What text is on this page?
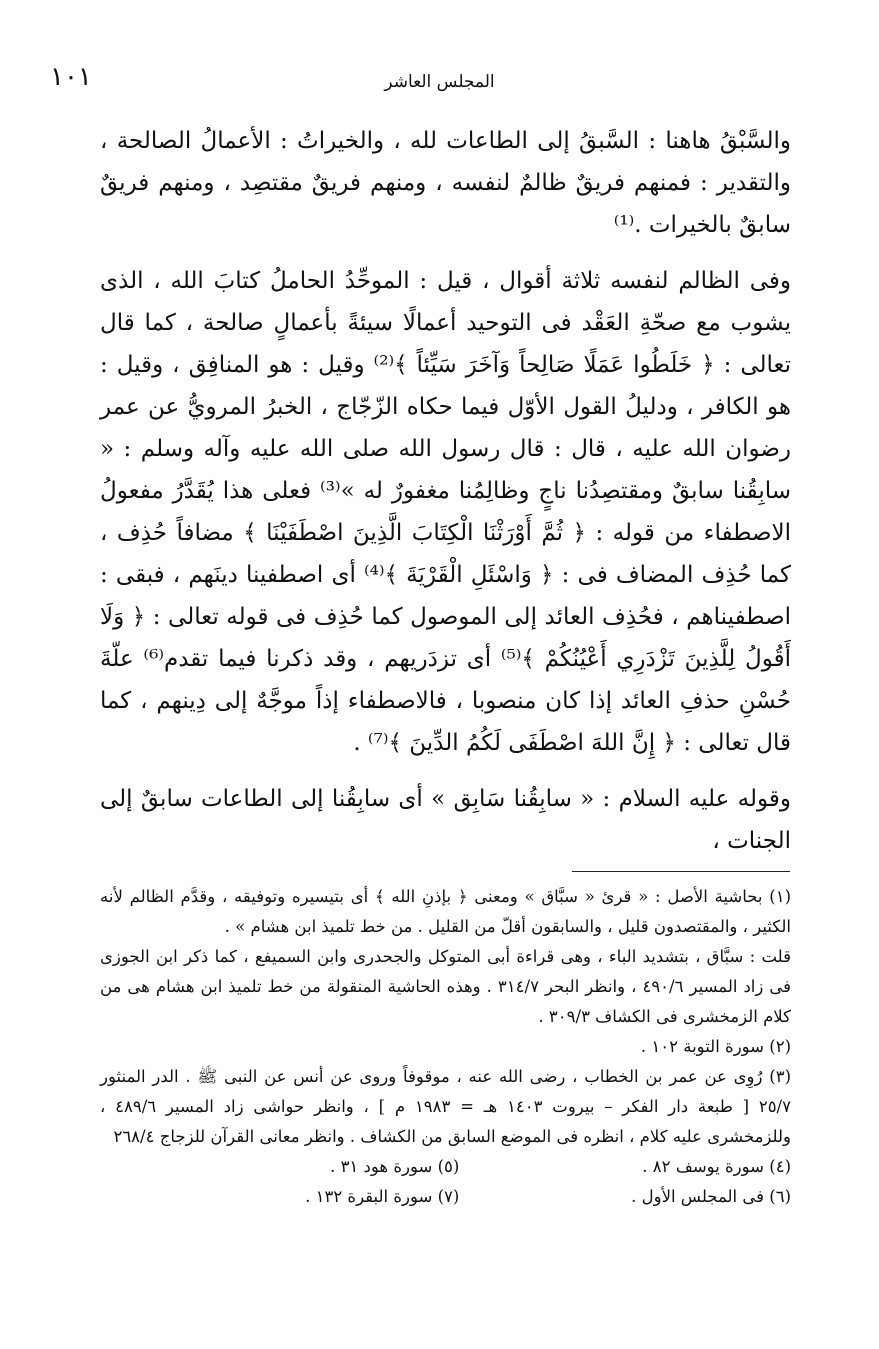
١٠١	المجلس العاشر

والسَّبْقُ هاهنا : السَّبقُ إلى الطاعات لله ، والخيراتُ : الأعمالُ الصالحة ، والتقدير : فمنهم فريقٌ ظالمٌ لنفسه ، ومنهم فريقٌ مقتصِد ، ومنهم فريقٌ سابقٌ بالخيرات .⁽¹⁾

وفى الظالم لنفسه ثلاثة أقوال ، قيل : الموحِّدُ الحاملُ كتابَ الله ، الذى يشوب مع صحّةِ العَقْد فى التوحيد أعمالًا سيئةً بأعمالٍ صالحة ، كما قال تعالى : ﴿ خَلَطُوا عَمَلًا صَالِحاً وَآخَرَ سَيِّئاً ﴾⁽²⁾ وقيل : هو المنافِق ، وقيل : هو الكافر ، ودليلُ القول الأوّل فيما حكاه الزّجّاج ، الخبرُ المرويُّ عن عمر رضوان الله عليه ، قال : قال رسول الله صلى الله عليه وآله وسلم : « سابِقُنا سابقٌ ومقتصِدُنا ناجٍ وظالِمُنا مغفورٌ له »⁽³⁾ فعلى هذا يُقَدَّرُ مفعولُ الاصطفاء من قوله : ﴿ ثُمَّ أَوْرَثْنَا الْكِتَابَ الَّذِينَ اصْطَفَيْنَا ﴾ مضافاً حُذِف ، كما حُذِف المضاف فى : ﴿ وَاسْئَلِ الْقَرْيَةَ ﴾⁽⁴⁾ أى اصطفينا دينَهم ، فبقى : اصطفيناهم ، فحُذِف العائد إلى الموصول كما حُذِف فى قوله تعالى : ﴿ وَلَا أَقُولُ لِلَّذِينَ تَزْدَرِي أَعْيُنُكُمْ ﴾⁽⁵⁾ أى تزدَريهم ، وقد ذكرنا فيما تقدم⁽⁶⁾ علّةَ حُسْنِ حذفِ العائد إذا كان منصوبا ، فالاصطفاء إذاً موجَّهٌ إلى دِينهم ، كما قال تعالى : ﴿ إِنَّ اللهَ اصْطَفَى لَكُمُ الدِّينَ ﴾⁽⁷⁾ .

وقوله عليه السلام : « سابِقُنا سَابِق » أى سابِقُنا إلى الطاعات سابقٌ إلى الجنات ،

(١) بحاشية الأصل : « قرئ « سبَّاق » ومعنى ﴿ بإذنِ الله ﴾ أى بتيسيره وتوفيقه ، وقدَّم الظالم لأنه الكثير ، والمقتصدون قليل ، والسابقون أقلّ من القليل . من خط تلميذ ابن هشام » .

قلت : سبَّاق ، بتشديد الباء ، وهى قراءة أبى المتوكل والجحدرى وابن السميفع ، كما ذكر ابن الجوزى فى زاد المسير ٤٩٠/٦ ، وانظر البحر ٣١٤/٧ . وهذه الحاشية المنقولة من خط تلميذ ابن هشام هى من كلام الزمخشرى فى الكشاف ٣٠٩/٣ .

(٢) سورة التوبة ١٠٢ .

(٣) رُوِى عن عمر بن الخطاب ، رضى الله عنه ، موقوفاً وروى عن أنس عن النبى ﷺ . الدر المنثور ٢٥/٧ [ طبعة دار الفكر – بيروت ١٤٠٣ هـ = ١٩٨٣ م ] ، وانظر حواشى زاد المسير ٤٨٩/٦ ، وللزمخشرى عليه كلام ، انظره فى الموضع السابق من الكشاف . وانظر معانى القرآن للزجاج ٢٦٨/٤

(٤) سورة يوسف ٨٢ .

(٥) سورة هود ٣١ .

(٦) فى المجلس الأول .

(٧) سورة البقرة ١٣٢ .
